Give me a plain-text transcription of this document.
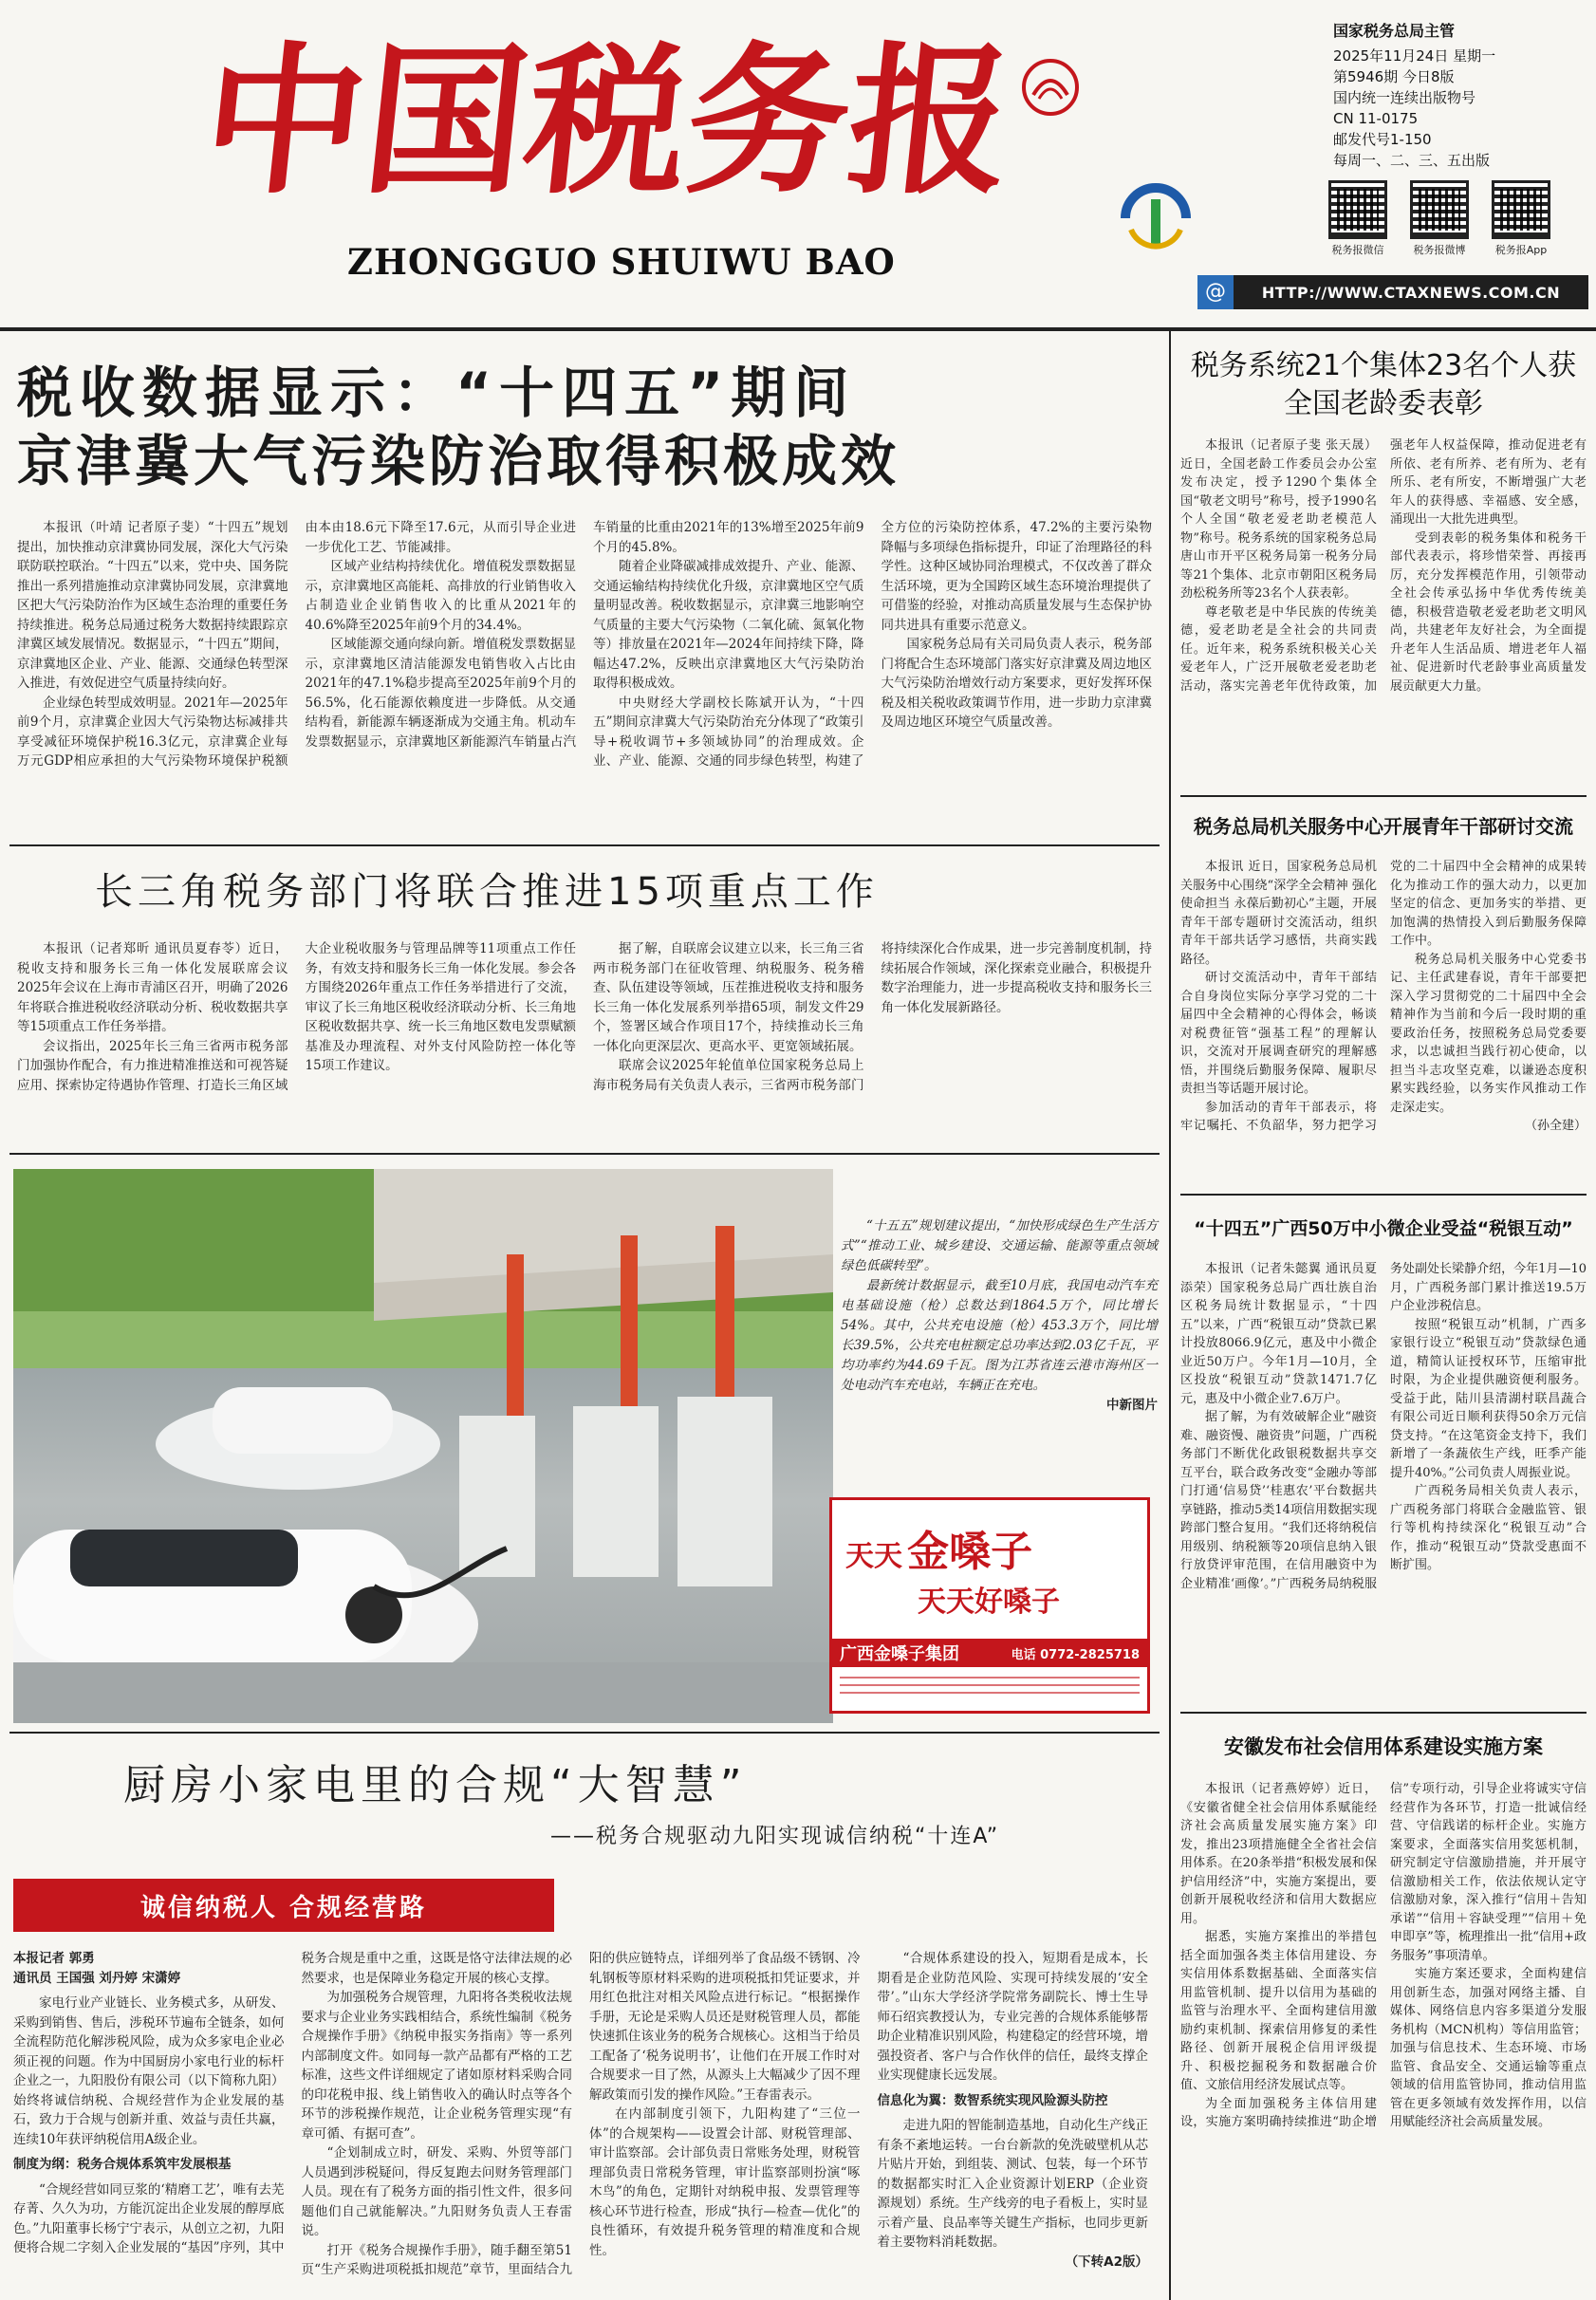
中国税务报
ZHONGGUO SHUIWU BAO
国家税务总局主管
2025年11月24日 星期一
第5946期 今日8版
国内统一连续出版物号
CN 11-0175
邮发代号1-150
每周一、二、三、五出版
税务报微信	税务报微博	税务报App
@	HTTP://WWW.CTAXNEWS.COM.CN
税收数据显示：“十四五”期间
京津冀大气污染防治取得积极成效

本报讯（叶靖 记者原子斐）“十四五”规划提出，加快推动京津冀协同发展，深化大气污染联防联控联治。“十四五”以来，党中央、国务院推出一系列措施推动京津冀协同发展，京津冀地区把大气污染防治作为区域生态治理的重要任务持续推进。税务总局通过税务大数据持续跟踪京津冀区域发展情况。数据显示，“十四五”期间，京津冀地区企业、产业、能源、交通绿色转型深入推进，有效促进空气质量持续向好。

企业绿色转型成效明显。2021年—2025年前9个月，京津冀企业因大气污染物达标减排共享受减征环境保护税16.3亿元，京津冀企业每万元GDP相应承担的大气污染物环境保护税额由本由18.6元下降至17.6元，从而引导企业进一步优化工艺、节能减排。

区域产业结构持续优化。增值税发票数据显示，京津冀地区高能耗、高排放的行业销售收入占制造业企业销售收入的比重从2021年的40.6%降至2025年前9个月的34.4%。

区域能源交通向绿向新。增值税发票数据显示，京津冀地区清洁能源发电销售收入占比由2021年的47.1%稳步提高至2025年前9个月的56.5%，化石能源依赖度进一步降低。从交通结构看，新能源车辆逐渐成为交通主角。机动车发票数据显示，京津冀地区新能源汽车销量占汽车销量的比重由2021年的13%增至2025年前9个月的45.8%。

随着企业降碳减排成效提升、产业、能源、交通运输结构持续优化升级，京津冀地区空气质量明显改善。税收数据显示，京津冀三地影响空气质量的主要大气污染物（二氧化硫、氮氧化物等）排放量在2021年—2024年间持续下降，降幅达47.2%，反映出京津冀地区大气污染防治取得积极成效。

中央财经大学副校长陈斌开认为，“十四五”期间京津冀大气污染防治充分体现了“政策引导+税收调节+多领域协同”的治理成效。企业、产业、能源、交通的同步绿色转型，构建了全方位的污染防控体系，47.2%的主要污染物降幅与多项绿色指标提升，印证了治理路径的科学性。这种区域协同治理模式，不仅改善了群众生活环境，更为全国跨区域生态环境治理提供了可借鉴的经验，对推动高质量发展与生态保护协同共进具有重要示范意义。

国家税务总局有关司局负责人表示，税务部门将配合生态环境部门落实好京津冀及周边地区大气污染防治增效行动方案要求，更好发挥环保税及相关税收政策调节作用，进一步助力京津冀及周边地区环境空气质量改善。

长三角税务部门将联合推进15项重点工作

本报讯（记者郑昕 通讯员夏春苓）近日，税收支持和服务长三角一体化发展联席会议2025年会议在上海市青浦区召开，明确了2026年将联合推进税收经济联动分析、税收数据共享等15项重点工作任务举措。

会议指出，2025年长三角三省两市税务部门加强协作配合，有力推进精准推送和可视答疑应用、探索协定待遇协作管理、打造长三角区域大企业税收服务与管理品牌等11项重点工作任务，有效支持和服务长三角一体化发展。参会各方围绕2026年重点工作任务举措进行了交流，审议了长三角地区税收经济联动分析、长三角地区税收数据共享、统一长三角地区数电发票赋额基准及办理流程、对外支付风险防控一体化等15项工作建议。

据了解，自联席会议建立以来，长三角三省两市税务部门在征收管理、纳税服务、税务稽查、队伍建设等领域，压茬推进税收支持和服务长三角一体化发展系列举措65项，制发文件29个，签署区域合作项目17个，持续推动长三角一体化向更深层次、更高水平、更宽领域拓展。

联席会议2025年轮值单位国家税务总局上海市税务局有关负责人表示，三省两市税务部门将持续深化合作成果，进一步完善制度机制，持续拓展合作领域，深化探索竞业融合，积极提升数字治理能力，进一步提高税收支持和服务长三角一体化发展新路径。

“十五五”规划建议提出，“加快形成绿色生产生活方式”“推动工业、城乡建设、交通运输、能源等重点领域绿色低碳转型”。

最新统计数据显示，截至10月底，我国电动汽车充电基础设施（枪）总数达到1864.5万个，同比增长54%。其中，公共充电设施（枪）453.3万个，同比增长39.5%，公共充电桩额定总功率达到2.03亿千瓦，平均功率约为44.69千瓦。图为江苏省连云港市海州区一处电动汽车充电站，车辆正在充电。

中新图片
天天 金嗓子
天天好嗓子
广西金嗓子集团	电话 0772-2825718
厨房小家电里的合规“大智慧”
——税务合规驱动九阳实现诚信纳税“十连A”
诚信纳税人 合规经营路
本报记者 郭勇
通讯员 王国强 刘丹婷 宋潇婷

家电行业产业链长、业务模式多，从研发、采购到销售、售后，涉税环节遍布全链条，如何全流程防范化解涉税风险，成为众多家电企业必须正视的问题。作为中国厨房小家电行业的标杆企业之一，九阳股份有限公司（以下简称九阳）始终将诚信纳税、合规经营作为企业发展的基石，致力于合规与创新并重、效益与责任共赢，连续10年获评纳税信用A级企业。

制度为纲：税务合规体系筑牢发展根基

“合规经营如同豆浆的‘精磨工艺’，唯有去芜存菁、久久为功，方能沉淀出企业发展的醇厚底色。”九阳董事长杨宁宁表示，从创立之初，九阳便将合规二字刻入企业发展的“基因”序列，其中税务合规是重中之重，这既是恪守法律法规的必然要求，也是保障业务稳定开展的核心支撑。

为加强税务合规管理，九阳将各类税收法规要求与企业业务实践相结合，系统性编制《税务合规操作手册》《纳税申报实务指南》等一系列内部制度文件。如同每一款产品都有严格的工艺标准，这些文件详细规定了诸如原材料采购合同的印花税申报、线上销售收入的确认时点等各个环节的涉税操作规范，让企业税务管理实现“有章可循、有据可查”。

“企划制成立时，研发、采购、外贸等部门人员遇到涉税疑问，得反复跑去问财务管理部门人员。现在有了税务方面的指引性文件，很多问题他们自己就能解决。”九阳财务负责人王春雷说。

打开《税务合规操作手册》，随手翻至第51页“生产采购进项税抵扣规范”章节，里面结合九阳的供应链特点，详细列举了食品级不锈钢、冷轧钢板等原材料采购的进项税抵扣凭证要求，并用红色批注对相关风险点进行标记。“根据操作手册，无论是采购人员还是财税管理人员，都能快速抓住该业务的税务合规核心。这相当于给员工配备了‘税务说明书’，让他们在开展工作时对合规要求一目了然，从源头上大幅减少了因不理解政策而引发的操作风险。”王春雷表示。

在内部制度引领下，九阳构建了“三位一体”的合规架构——设置会计部、财税管理部、审计监察部。会计部负责日常账务处理，财税管理部负责日常税务管理，审计监察部则扮演“啄木鸟”的角色，定期针对纳税申报、发票管理等核心环节进行检查，形成“执行—检查—优化”的良性循环，有效提升税务管理的精准度和合规性。

“合规体系建设的投入，短期看是成本，长期看是企业防范风险、实现可持续发展的‘安全带’。”山东大学经济学院常务副院长、博士生导师石绍宾教授认为，专业完善的合规体系能够帮助企业精准识别风险，构建稳定的经营环境，增强投资者、客户与合作伙伴的信任，最终支撑企业实现健康长远发展。

信息化为翼：数智系统实现风险源头防控

走进九阳的智能制造基地，自动化生产线正有条不紊地运转。一台台新款的免洗破壁机从芯片贴片开始，到组装、测试、包装，每一个环节的数据都实时汇入企业资源计划ERP（企业资源规划）系统。生产线旁的电子看板上，实时显示着产量、良品率等关键生产指标，也同步更新着主要物料消耗数据。

（下转A2版）
税务系统21个集体23名个人获全国老龄委表彰

本报讯（记者原子斐 张天晟）近日，全国老龄工作委员会办公室发布决定，授予1290个集体全国“敬老文明号”称号，授予1990名个人全国“敬老爱老助老模范人物”称号。税务系统的国家税务总局唐山市开平区税务局第一税务分局等21个集体、北京市朝阳区税务局劲松税务所等23名个人获表彰。

尊老敬老是中华民族的传统美德，爱老助老是全社会的共同责任。近年来，税务系统积极关心关爱老年人，广泛开展敬老爱老助老活动，落实完善老年优待政策，加强老年人权益保障，推动促进老有所依、老有所养、老有所为、老有所乐、老有所安，不断增强广大老年人的获得感、幸福感、安全感，涌现出一大批先进典型。

受到表彰的税务集体和税务干部代表表示，将珍惜荣誉、再接再厉，充分发挥模范作用，引领带动全社会传承弘扬中华优秀传统美德，积极营造敬老爱老助老文明风尚，共建老年友好社会，为全面提升老年人生活品质、增进老年人福祉、促进新时代老龄事业高质量发展贡献更大力量。

税务总局机关服务中心开展青年干部研讨交流

本报讯 近日，国家税务总局机关服务中心围绕“深学全会精神 强化使命担当 永葆后勤初心”主题，开展青年干部专题研讨交流活动，组织青年干部共话学习感悟，共商实践路径。

研讨交流活动中，青年干部结合自身岗位实际分享学习党的二十届四中全会精神的心得体会，畅谈对税费征管“强基工程”的理解认识，交流对开展调查研究的理解感悟，并围绕后勤服务保障、履职尽责担当等话题开展讨论。

参加活动的青年干部表示，将牢记嘱托、不负韶华，努力把学习党的二十届四中全会精神的成果转化为推动工作的强大动力，以更加坚定的信念、更加务实的举措、更加饱满的热情投入到后勤服务保障工作中。

税务总局机关服务中心党委书记、主任武建春说，青年干部要把深入学习贯彻党的二十届四中全会精神作为当前和今后一段时期的重要政治任务，按照税务总局党委要求，以忠诚担当践行初心使命，以担当斗志攻坚克难，以谦逊态度积累实践经验，以务实作风推动工作走深走实。

（孙全建）

“十四五”广西50万中小微企业受益“税银互动”

本报讯（记者朱懿翼 通讯员夏添荣）国家税务总局广西壮族自治区税务局统计数据显示，“十四五”以来，广西“税银互动”贷款已累计投放8066.9亿元，惠及中小微企业近50万户。今年1月—10月，全区投放“税银互动”贷款1471.7亿元，惠及中小微企业7.6万户。

据了解，为有效破解企业“融资难、融资慢、融资贵”问题，广西税务部门不断优化政银税数据共享交互平台，联合政务改变“金融办等部门打通‘信易贷’‘桂惠农’平台数据共享链路，推动5类14项信用数据实现跨部门整合复用。“我们还将纳税信用级别、纳税额等20项信息纳入银行放贷评审范围，在信用融资中为企业精准‘画像’。”广西税务局纳税服务处副处长梁静介绍，今年1月—10月，广西税务部门累计推送19.5万户企业涉税信息。

按照“税银互动”机制，广西多家银行设立“税银互动”贷款绿色通道，精简认证授权环节，压缩审批时限，为企业提供融资便利服务。受益于此，陆川县清湖村联昌蔬合有限公司近日顺利获得50余万元信贷支持。“在这笔资金支持下，我们新增了一条蔬依生产线，旺季产能提升40%。”公司负责人周振业说。

广西税务局相关负责人表示，广西税务部门将联合金融监管、银行等机构持续深化“税银互动”合作，推动“税银互动”贷款受惠面不断扩围。

安徽发布社会信用体系建设实施方案

本报讯（记者燕婷婷）近日，《安徽省健全社会信用体系赋能经济社会高质量发展实施方案》印发，推出23项措施健全全省社会信用体系。在20条举措“积极发展和保护信用经济”中，实施方案提出，要创新开展税收经济和信用大数据应用。

据悉，实施方案推出的举措包括全面加强各类主体信用建设、夯实信用体系数据基础、全面落实信用监管机制、提升以信用为基础的监管与治理水平、全面构建信用激励约束机制、探索信用修复的柔性路径、创新开展税企信用评级提升、积极挖掘税务和数据融合价值、文旅信用经济发展试点等。

为全面加强税务主体信用建设，实施方案明确持续推进“助企增信”专项行动，引导企业将诚实守信经营作为各环节，打造一批诚信经营、守信践诺的标杆企业。实施方案要求，全面落实信用奖惩机制，研究制定守信激励措施，并开展守信激励相关工作，依法依规认定守信激励对象，深入推行“信用＋告知承诺”“信用＋容缺受理”“信用＋免申即享”等，梳理推出一批“信用+政务服务”事项清单。

实施方案还要求，全面构建信用创新生态，加强对网络主播、自媒体、网络信息内容多渠道分发服务机构（MCN机构）等信用监管；加强与信息技术、生态环境、市场监管、食品安全、交通运输等重点领域的信用监管协同，推动信用监管在更多领域有效发挥作用，以信用赋能经济社会高质量发展。
